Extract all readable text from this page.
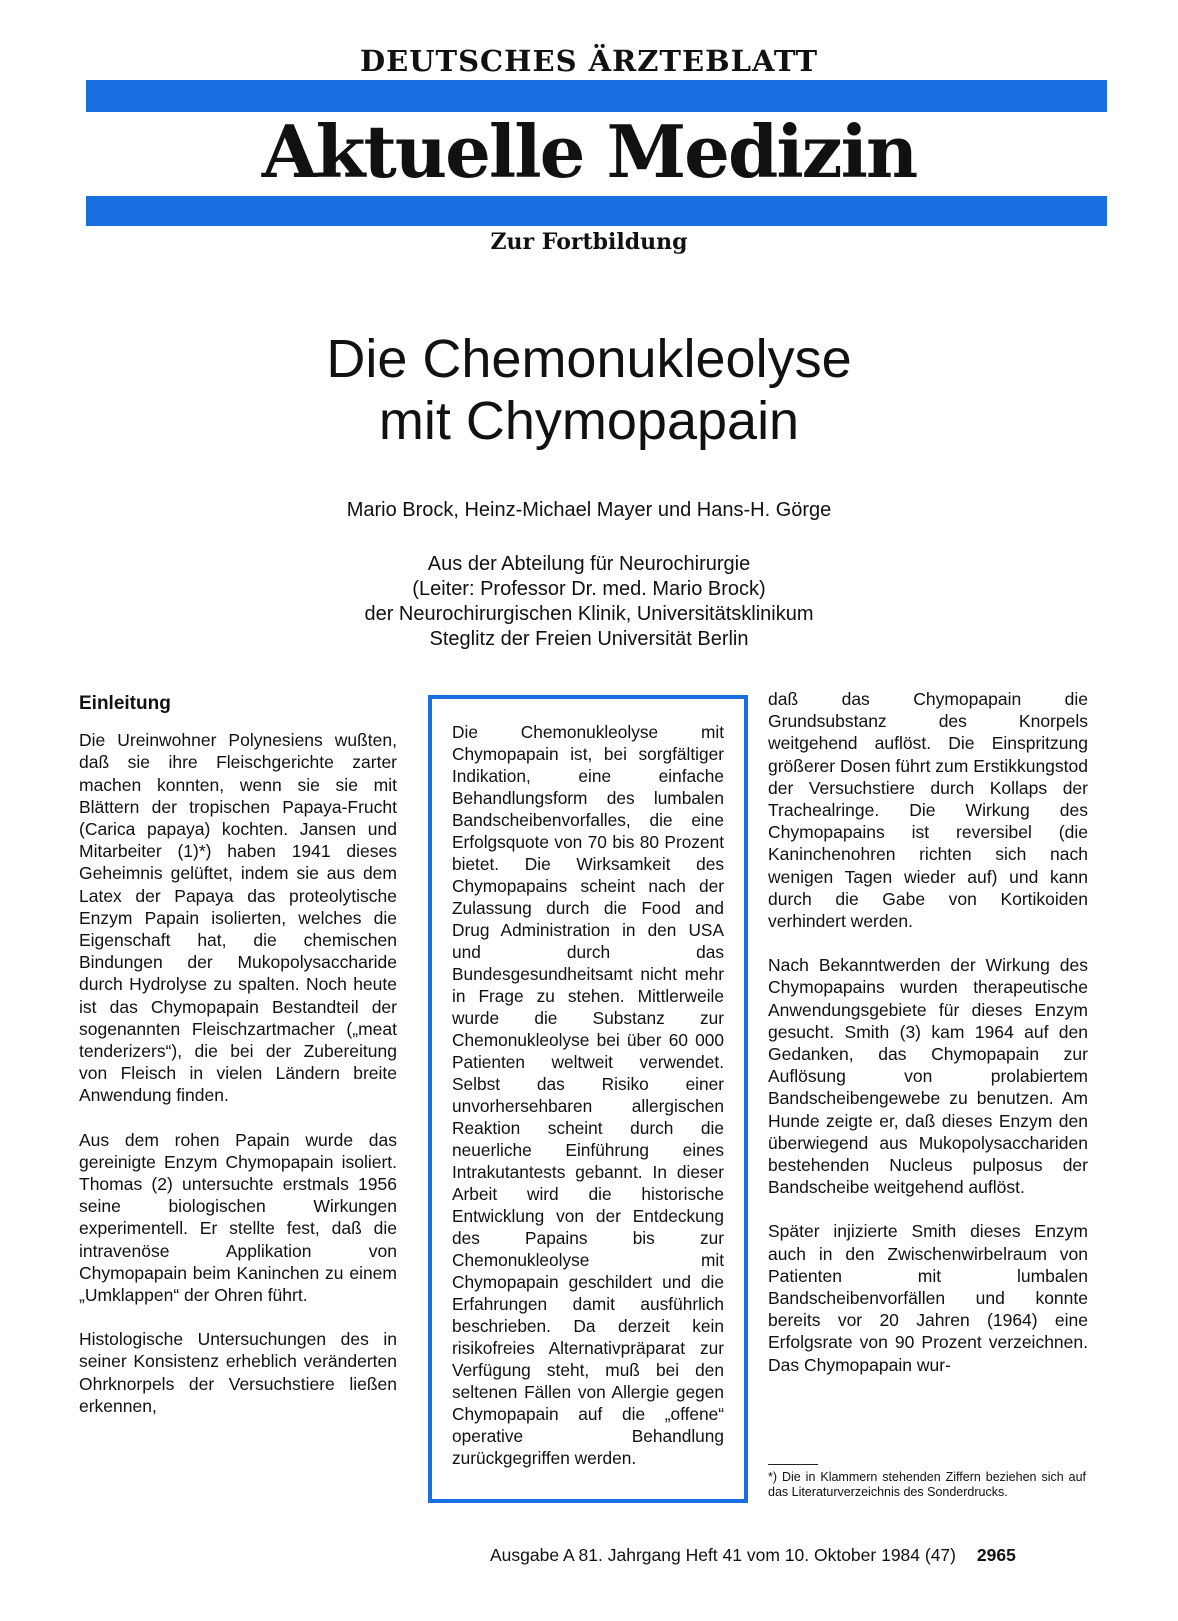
DEUTSCHES ÄRZTEBLATT
Aktuelle Medizin
Zur Fortbildung
Die Chemonukleolyse
mit Chymopapain
Mario Brock, Heinz-Michael Mayer und Hans-H. Görge
Aus der Abteilung für Neurochirurgie
(Leiter: Professor Dr. med. Mario Brock)
der Neurochirurgischen Klinik, Universitätsklinikum
Steglitz der Freien Universität Berlin
Einleitung

Die Ureinwohner Polynesiens wußten, daß sie ihre Fleischgerichte zarter machen konnten, wenn sie sie mit Blättern der tropischen Papaya-Frucht (Carica papaya) kochten. Jansen und Mitarbeiter (1)*) haben 1941 dieses Geheimnis gelüftet, indem sie aus dem Latex der Papaya das proteolytische Enzym Papain isolierten, welches die Eigenschaft hat, die chemischen Bindungen der Mukopolysaccharide durch Hydrolyse zu spalten. Noch heute ist das Chymopapain Bestandteil der sogenannten Fleischzartmacher („meat tenderizers“), die bei der Zubereitung von Fleisch in vielen Ländern breite Anwendung finden.

Aus dem rohen Papain wurde das gereinigte Enzym Chymopapain isoliert. Thomas (2) untersuchte erstmals 1956 seine biologischen Wirkungen experimentell. Er stellte fest, daß die intravenöse Applikation von Chymopapain beim Kaninchen zu einem „Umklappen“ der Ohren führt.

Histologische Untersuchungen des in seiner Konsistenz erheblich veränderten Ohrknorpels der Versuchstiere ließen erkennen,

Die Chemonukleolyse mit Chymopapain ist, bei sorgfältiger Indikation, eine einfache Behandlungsform des lumbalen Bandscheibenvorfalles, die eine Erfolgsquote von 70 bis 80 Prozent bietet. Die Wirksamkeit des Chymopapains scheint nach der Zulassung durch die Food and Drug Administration in den USA und durch das Bundesgesundheitsamt nicht mehr in Frage zu stehen. Mittlerweile wurde die Substanz zur Chemonukleolyse bei über 60 000 Patienten weltweit verwendet. Selbst das Risiko einer unvorhersehbaren allergischen Reaktion scheint durch die neuerliche Einführung eines Intrakutantests gebannt. In dieser Arbeit wird die historische Entwicklung von der Entdeckung des Papains bis zur Chemonukleolyse mit Chymopapain geschildert und die Erfahrungen damit ausführlich beschrieben. Da derzeit kein risikofreies Alternativpräparat zur Verfügung steht, muß bei den seltenen Fällen von Allergie gegen Chymopapain auf die „offene“ operative Behandlung zurückgegriffen werden.

daß das Chymopapain die Grundsubstanz des Knorpels weitgehend auflöst. Die Einspritzung größerer Dosen führt zum Erstikkungstod der Versuchstiere durch Kollaps der Trachealringe. Die Wirkung des Chymopapains ist reversibel (die Kaninchenohren richten sich nach wenigen Tagen wieder auf) und kann durch die Gabe von Kortikoiden verhindert werden.

Nach Bekanntwerden der Wirkung des Chymopapains wurden therapeutische Anwendungsgebiete für dieses Enzym gesucht. Smith (3) kam 1964 auf den Gedanken, das Chymopapain zur Auflösung von prolabiertem Bandscheibengewebe zu benutzen. Am Hunde zeigte er, daß dieses Enzym den überwiegend aus Mukopolysacchariden bestehenden Nucleus pulposus der Bandscheibe weitgehend auflöst.

Später injizierte Smith dieses Enzym auch in den Zwischenwirbelraum von Patienten mit lumbalen Bandscheibenvorfällen und konnte bereits vor 20 Jahren (1964) eine Erfolgsrate von 90 Prozent verzeichnen. Das Chymopapain wur-

*) Die in Klammern stehenden Ziffern beziehen sich auf das Literaturverzeichnis des Sonderdrucks.
Ausgabe A 81. Jahrgang Heft 41 vom 10. Oktober 1984 (47) 2965
